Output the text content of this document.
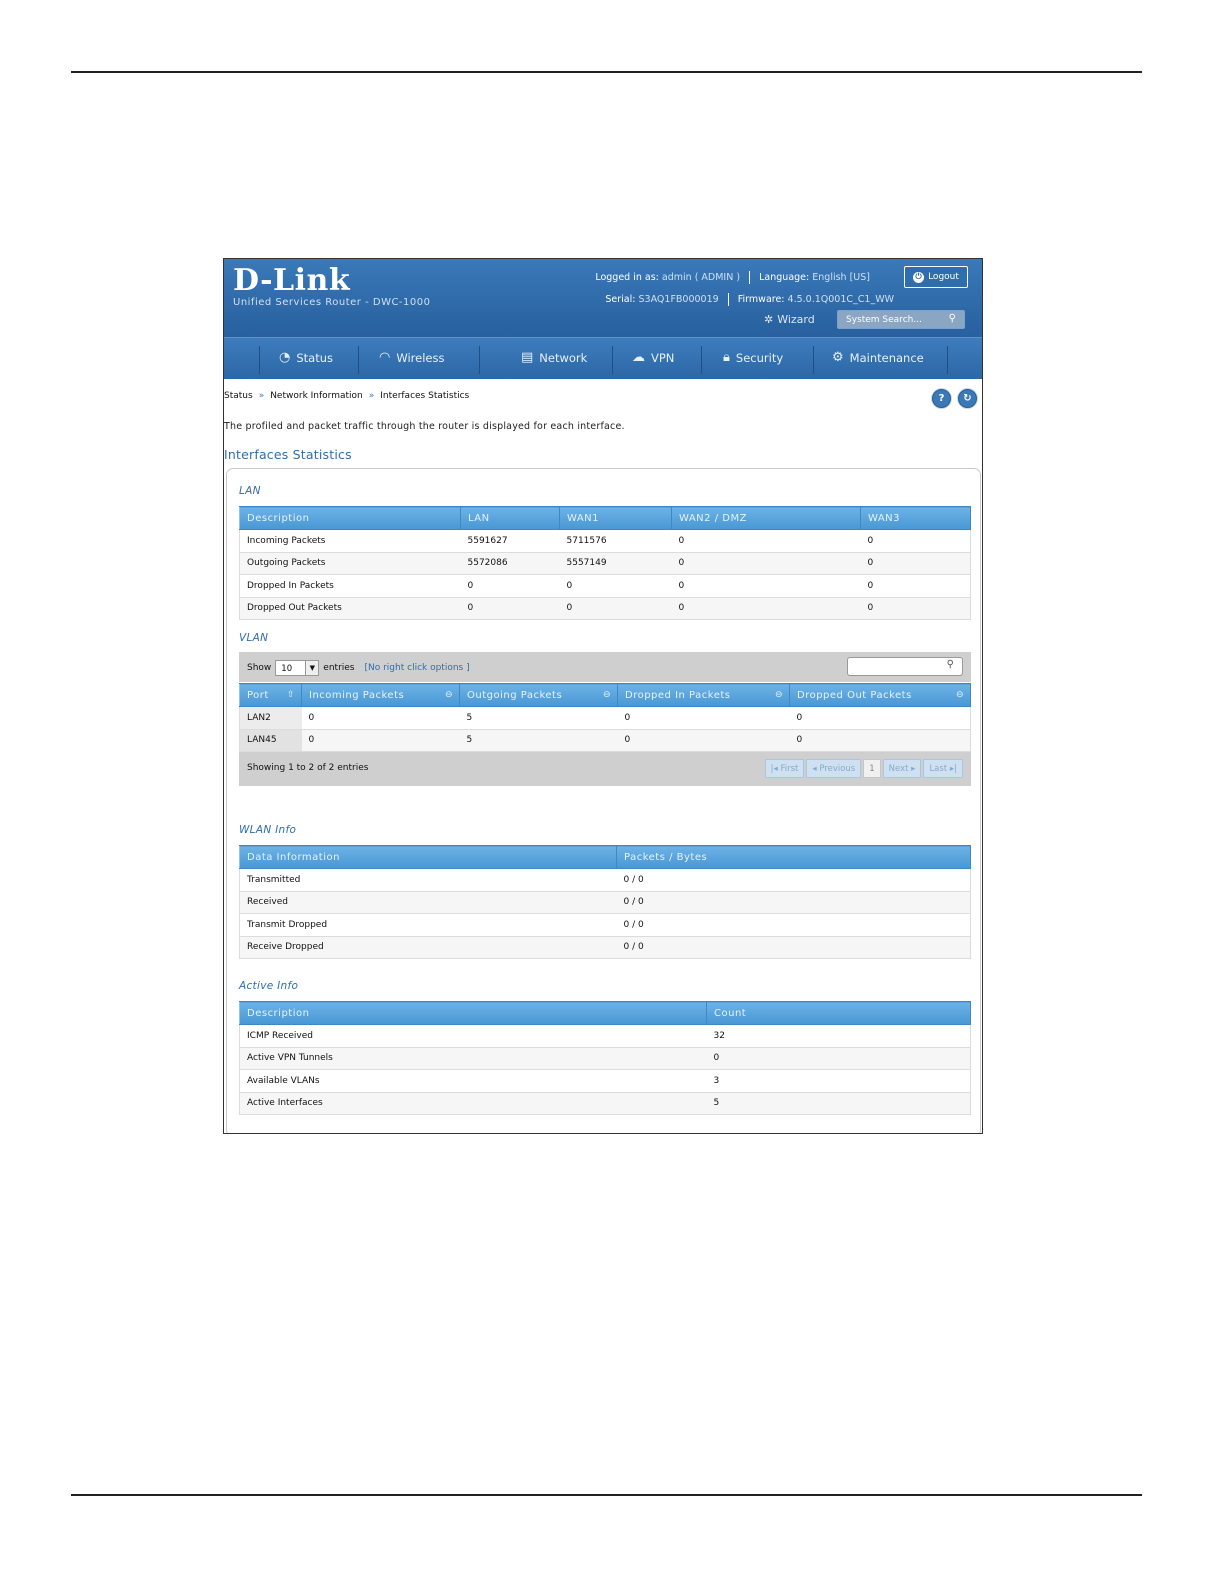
D-Link
Unified Services Router - DWC-1000
Logged in as: admin ( ADMIN ) Language: English [US]	⏻ Logout
Serial: S3AQ1FB000019 Firmware: 4.5.0.1Q001C_C1_WW
✲ Wizard	System Search...	⚲
◔ Status	◠ Wireless	▤ Network	☁ VPN	🔒︎ Security	⚙ Maintenance
Status » Network Information » Interfaces Statistics	?	↻
The profiled and packet traffic through the router is displayed for each interface.
Interfaces Statistics
LAN
Description	LAN	WAN1	WAN2 / DMZ	WAN3
Incoming Packets	5591627	5711576	0	0
Outgoing Packets	5572086	5557149	0	0
Dropped In Packets	0	0	0	0
Dropped Out Packets	0	0	0	0
VLAN
Show	10	▼ entries [No right click options ]	⚲
Port ⇧	Incoming Packets ⊖	Outgoing Packets ⊖	Dropped In Packets ⊖	Dropped Out Packets ⊖

LAN2	0	5	0	0
LAN45	0	5	0	0
Showing 1 to 2 of 2 entries	|◂ First	◂ Previous	1	Next ▸	Last ▸|
WLAN Info
Data Information	Packets / Bytes
Transmitted	0 / 0
Received	0 / 0
Transmit Dropped	0 / 0
Receive Dropped	0 / 0
Active Info
Description	Count
ICMP Received	32
Active VPN Tunnels	0
Available VLANs	3
Active Interfaces	5
